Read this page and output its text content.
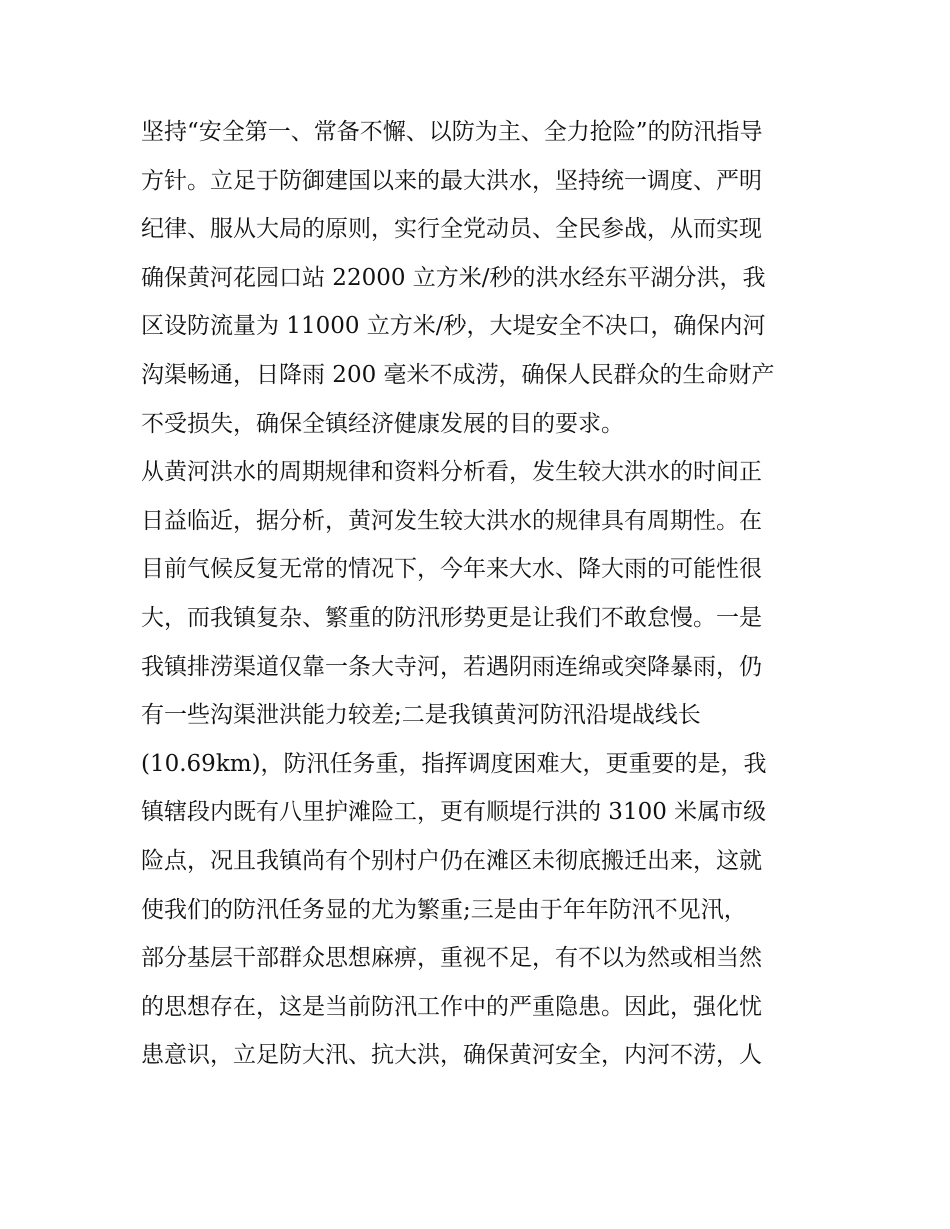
坚持“安全第一、常备不懈、以防为主、全力抢险”的防汛指导
方针。立足于防御建国以来的最大洪水，坚持统一调度、严明
纪律、服从大局的原则，实行全党动员、全民参战，从而实现
确保黄河花园口站 22000 立方米/秒的洪水经东平湖分洪，我
区设防流量为 11000 立方米/秒，大堤安全不决口，确保内河
沟渠畅通，日降雨 200 毫米不成涝，确保人民群众的生命财产
不受损失，确保全镇经济健康发展的目的要求。
从黄河洪水的周期规律和资料分析看，发生较大洪水的时间正
日益临近，据分析，黄河发生较大洪水的规律具有周期性。在
目前气候反复无常的情况下，今年来大水、降大雨的可能性很
大，而我镇复杂、繁重的防汛形势更是让我们不敢怠慢。一是
我镇排涝渠道仅靠一条大寺河，若遇阴雨连绵或突降暴雨，仍
有一些沟渠泄洪能力较差;二是我镇黄河防汛沿堤战线长
(10.69km)，防汛任务重，指挥调度困难大，更重要的是，我
镇辖段内既有八里护滩险工，更有顺堤行洪的 3100 米属市级
险点，况且我镇尚有个别村户仍在滩区未彻底搬迁出来，这就
使我们的防汛任务显的尤为繁重;三是由于年年防汛不见汛，
部分基层干部群众思想麻痹，重视不足，有不以为然或相当然
的思想存在，这是当前防汛工作中的严重隐患。因此，强化忧
患意识，立足防大汛、抗大洪，确保黄河安全，内河不涝，人
